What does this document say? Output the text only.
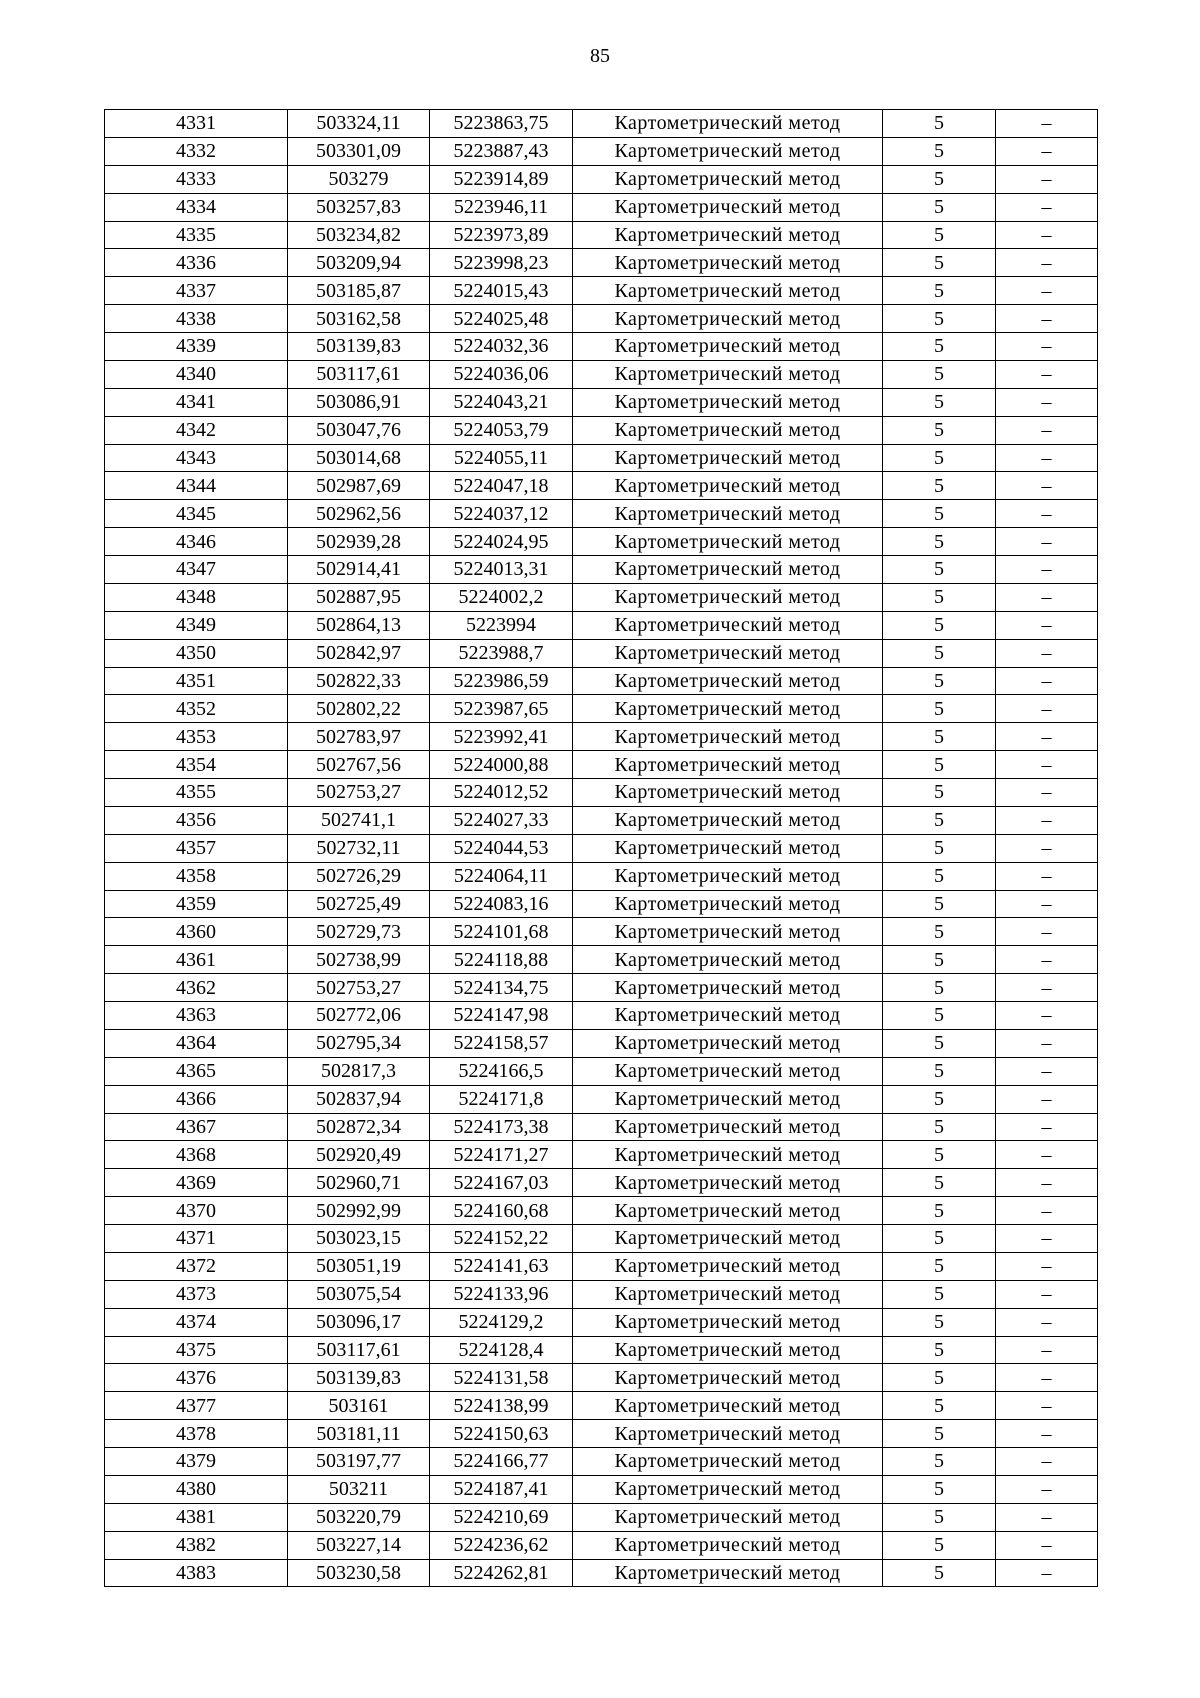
85
4331	503324,11	5223863,75	Картометрический метод	5	–
4332	503301,09	5223887,43	Картометрический метод	5	–
4333	503279	5223914,89	Картометрический метод	5	–
4334	503257,83	5223946,11	Картометрический метод	5	–
4335	503234,82	5223973,89	Картометрический метод	5	–
4336	503209,94	5223998,23	Картометрический метод	5	–
4337	503185,87	5224015,43	Картометрический метод	5	–
4338	503162,58	5224025,48	Картометрический метод	5	–
4339	503139,83	5224032,36	Картометрический метод	5	–
4340	503117,61	5224036,06	Картометрический метод	5	–
4341	503086,91	5224043,21	Картометрический метод	5	–
4342	503047,76	5224053,79	Картометрический метод	5	–
4343	503014,68	5224055,11	Картометрический метод	5	–
4344	502987,69	5224047,18	Картометрический метод	5	–
4345	502962,56	5224037,12	Картометрический метод	5	–
4346	502939,28	5224024,95	Картометрический метод	5	–
4347	502914,41	5224013,31	Картометрический метод	5	–
4348	502887,95	5224002,2	Картометрический метод	5	–
4349	502864,13	5223994	Картометрический метод	5	–
4350	502842,97	5223988,7	Картометрический метод	5	–
4351	502822,33	5223986,59	Картометрический метод	5	–
4352	502802,22	5223987,65	Картометрический метод	5	–
4353	502783,97	5223992,41	Картометрический метод	5	–
4354	502767,56	5224000,88	Картометрический метод	5	–
4355	502753,27	5224012,52	Картометрический метод	5	–
4356	502741,1	5224027,33	Картометрический метод	5	–
4357	502732,11	5224044,53	Картометрический метод	5	–
4358	502726,29	5224064,11	Картометрический метод	5	–
4359	502725,49	5224083,16	Картометрический метод	5	–
4360	502729,73	5224101,68	Картометрический метод	5	–
4361	502738,99	5224118,88	Картометрический метод	5	–
4362	502753,27	5224134,75	Картометрический метод	5	–
4363	502772,06	5224147,98	Картометрический метод	5	–
4364	502795,34	5224158,57	Картометрический метод	5	–
4365	502817,3	5224166,5	Картометрический метод	5	–
4366	502837,94	5224171,8	Картометрический метод	5	–
4367	502872,34	5224173,38	Картометрический метод	5	–
4368	502920,49	5224171,27	Картометрический метод	5	–
4369	502960,71	5224167,03	Картометрический метод	5	–
4370	502992,99	5224160,68	Картометрический метод	5	–
4371	503023,15	5224152,22	Картометрический метод	5	–
4372	503051,19	5224141,63	Картометрический метод	5	–
4373	503075,54	5224133,96	Картометрический метод	5	–
4374	503096,17	5224129,2	Картометрический метод	5	–
4375	503117,61	5224128,4	Картометрический метод	5	–
4376	503139,83	5224131,58	Картометрический метод	5	–
4377	503161	5224138,99	Картометрический метод	5	–
4378	503181,11	5224150,63	Картометрический метод	5	–
4379	503197,77	5224166,77	Картометрический метод	5	–
4380	503211	5224187,41	Картометрический метод	5	–
4381	503220,79	5224210,69	Картометрический метод	5	–
4382	503227,14	5224236,62	Картометрический метод	5	–
4383	503230,58	5224262,81	Картометрический метод	5	–
